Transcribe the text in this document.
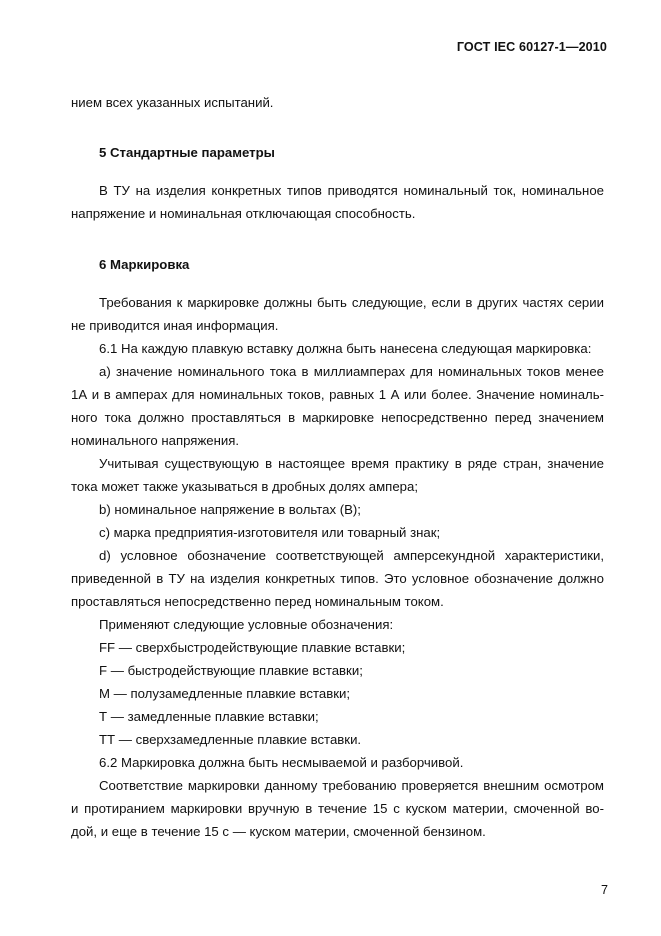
ГОСТ IEC 60127-1—2010
нием всех указанных испытаний.
5 Стандартные параметры
В ТУ на изделия конкретных типов приводятся номинальный ток, номинальное
напряжение и номинальная отключающая способность.
6 Маркировка
Требования к маркировке должны быть следующие, если в других частях серии
не приводится иная информация.
6.1 На каждую плавкую вставку должна быть нанесена следующая маркировка:
а) значение номинального тока в миллиамперах для номинальных токов менее
1А и в амперах для номинальных токов, равных 1 А или более. Значение номиналь-
ного тока должно проставляться в маркировке непосредственно перед значением
номинального напряжения.
Учитывая существующую в настоящее время практику в ряде стран, значение
тока может также указываться в дробных долях ампера;
b) номинальное напряжение в вольтах (В);
с) марка предприятия-изготовителя или товарный знак;
d) условное обозначение соответствующей амперсекундной характеристики,
приведенной в ТУ на изделия конкретных типов. Это условное обозначение должно
проставляться непосредственно перед номинальным током.
Применяют следующие условные обозначения:
FF — сверхбыстродействующие плавкие вставки;
F — быстродействующие плавкие вставки;
М — полузамедленные плавкие вставки;
Т — замедленные плавкие вставки;
ТТ — сверхзамедленные плавкие вставки.
6.2 Маркировка должна быть несмываемой и разборчивой.
Соответствие маркировки данному требованию проверяется внешним осмотром
и протиранием маркировки вручную в течение 15 с куском материи, смоченной во-
дой, и еще в течение 15 с — куском материи, смоченной бензином.
7
